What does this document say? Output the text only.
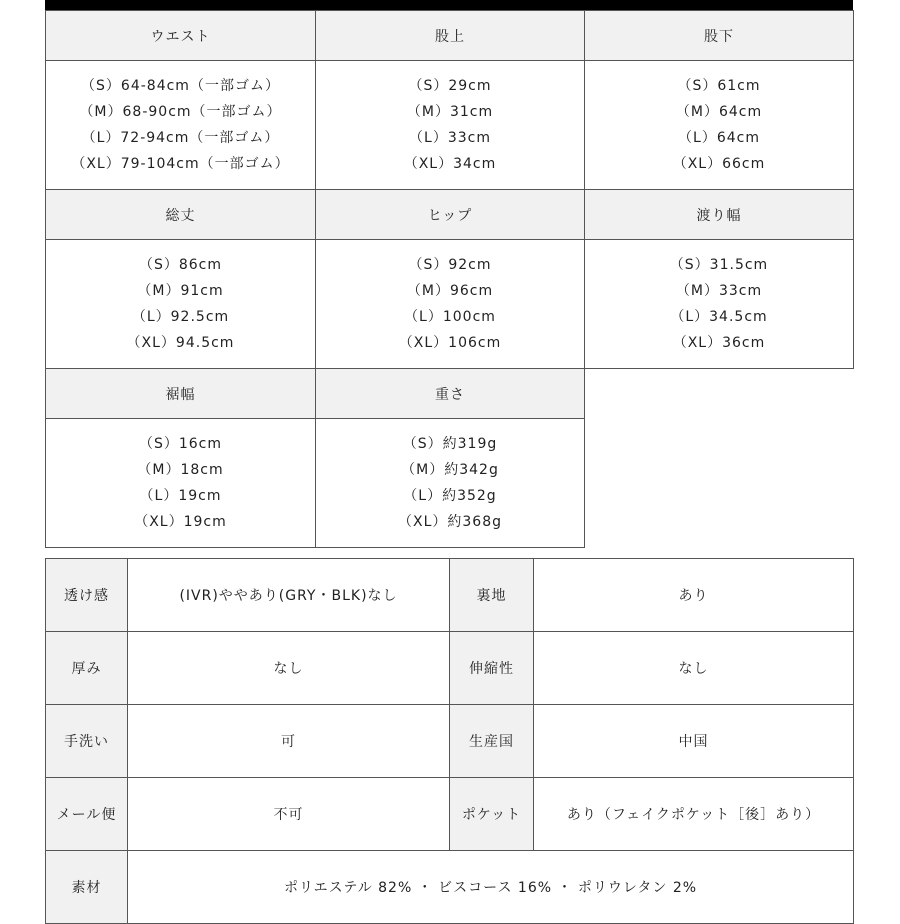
ウエスト	股上	股下

（S）64-84cm（一部ゴム）
（M）68-90cm（一部ゴム）
（L）72-94cm（一部ゴム）
（XL）79-104cm（一部ゴム）	（S）29cm
（M）31cm
（L）33cm
（XL）34cm	（S）61cm
（M）64cm
（L）64cm
（XL）66cm

総丈	ヒップ	渡り幅

（S）86cm
（M）91cm
（L）92.5cm
（XL）94.5cm	（S）92cm
（M）96cm
（L）100cm
（XL）106cm	（S）31.5cm
（M）33cm
（L）34.5cm
（XL）36cm

裾幅	重さ	

（S）16cm
（M）18cm
（L）19cm
（XL）19cm	（S）約319g
（M）約342g
（L）約352g
（XL）約368g	

透け感	(IVR)ややあり(GRY・BLK)なし	裏地	あり
厚み	なし	伸縮性	なし
手洗い	可	生産国	中国
メール便	不可	ポケット	あり（フェイクポケット［後］あり）
素材	ポリエステル 82% ・ ビスコース 16% ・ ポリウレタン 2%		
